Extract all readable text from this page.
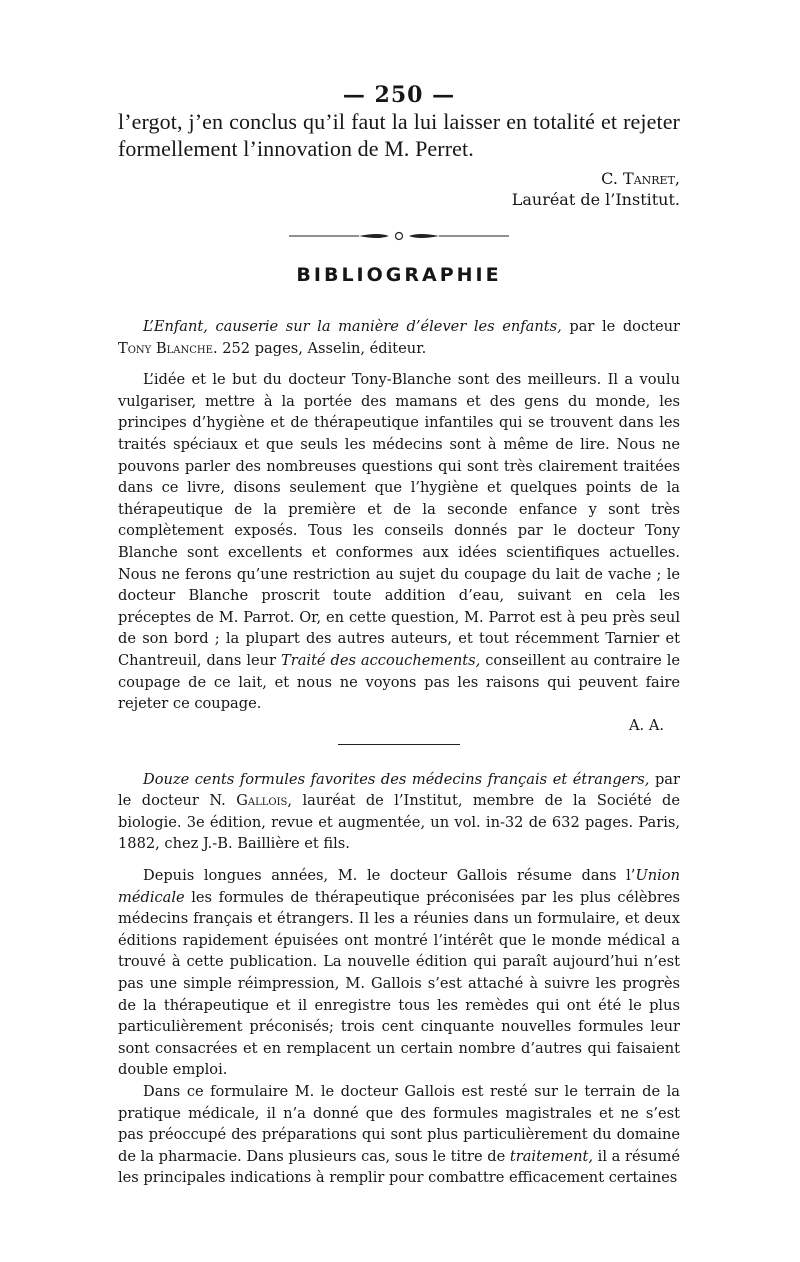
— 250 —

l’ergot, j’en conclus qu’il faut la lui laisser en totalité et rejeter formellement l’innovation de M. Perret.

C. Tanret,
Lauréat de l’Institut.
BIBLIOGRAPHIE

L’Enfant, causerie sur la manière d’élever les enfants, par le docteur Tony Blanche. 252 pages, Asselin, éditeur.

L’idée et le but du docteur Tony-Blanche sont des meilleurs. Il a voulu vulgariser, mettre à la portée des mamans et des gens du monde, les principes d’hygiène et de thérapeutique infantiles qui se trouvent dans les traités spéciaux et que seuls les médecins sont à même de lire. Nous ne pouvons parler des nombreuses questions qui sont très clairement traitées dans ce livre, disons seulement que l’hygiène et quelques points de la thérapeutique de la première et de la seconde enfance y sont très complètement exposés. Tous les conseils donnés par le docteur Tony Blanche sont excellents et conformes aux idées scientifiques actuelles. Nous ne ferons qu’une restriction au sujet du coupage du lait de vache ; le docteur Blanche proscrit toute addition d’eau, suivant en cela les préceptes de M. Parrot. Or, en cette question, M. Parrot est à peu près seul de son bord ; la plupart des autres auteurs, et tout récemment Tarnier et Chantreuil, dans leur Traité des accouchements, conseillent au contraire le coupage de ce lait, et nous ne voyons pas les raisons qui peuvent faire rejeter ce coupage.

A. A.

Douze cents formules favorites des médecins français et étrangers, par le docteur N. Gallois, lauréat de l’Institut, membre de la Société de biologie. 3e édition, revue et augmentée, un vol. in-32 de 632 pages. Paris, 1882, chez J.-B. Baillière et fils.

Depuis longues années, M. le docteur Gallois résume dans l’Union médicale les formules de thérapeutique préconisées par les plus célèbres médecins français et étrangers. Il les a réunies dans un formulaire, et deux éditions rapidement épuisées ont montré l’intérêt que le monde médical a trouvé à cette publication. La nouvelle édition qui paraît aujourd’hui n’est pas une simple réimpression, M. Gallois s’est attaché à suivre les progrès de la thérapeutique et il enregistre tous les remèdes qui ont été le plus particulièrement préconisés; trois cent cinquante nouvelles formules leur sont consacrées et en remplacent un certain nombre d’autres qui faisaient double emploi.

Dans ce formulaire M. le docteur Gallois est resté sur le terrain de la pratique médicale, il n’a donné que des formules magistrales et ne s’est pas préoccupé des préparations qui sont plus particulièrement du domaine de la pharmacie. Dans plusieurs cas, sous le titre de traitement, il a résumé les principales indications à remplir pour combattre efficacement certaines
